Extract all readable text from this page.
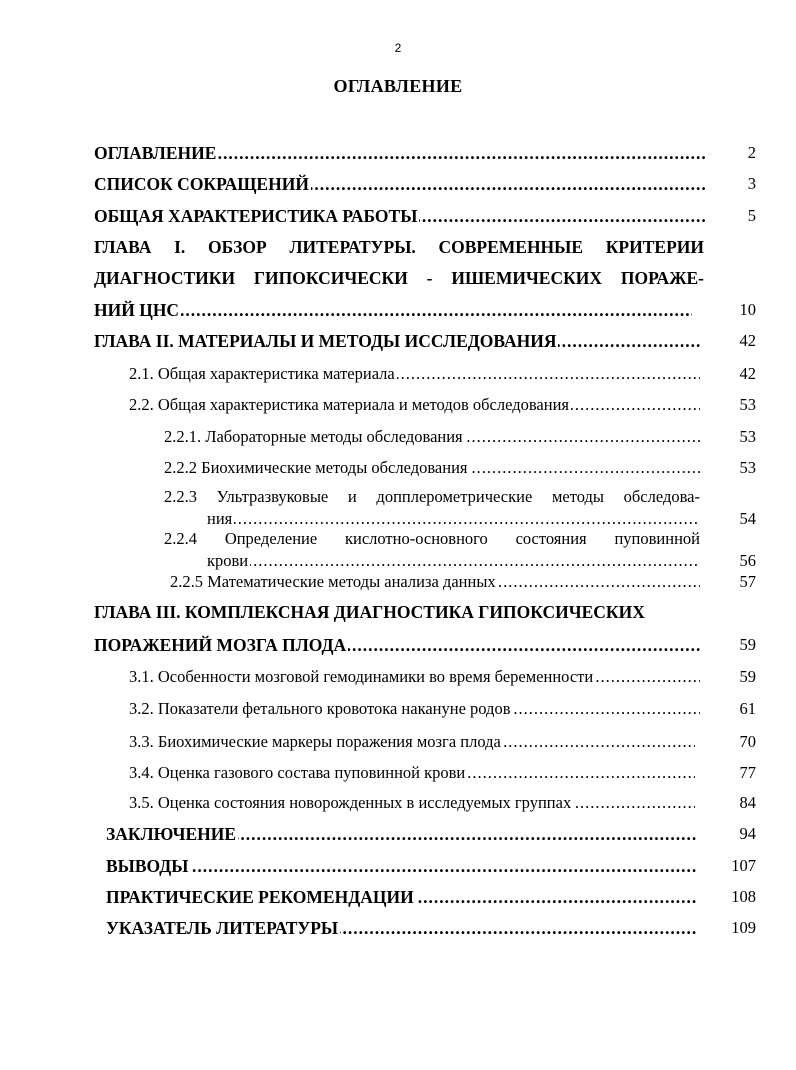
2
ОГЛАВЛЕНИЕ
.....
ОГЛАВЛЕНИЕ	2
.....
СПИСОК СОКРАЩЕНИЙ	3
.....
ОБЩАЯ ХАРАКТЕРИСТИКА РАБОТЫ	5
ГЛАВА I. ОБЗОР ЛИТЕРАТУРЫ. СОВРЕМЕННЫЕ КРИТЕРИИ
ДИАГНОСТИКИ ГИПОКСИЧЕСКИ - ИШЕМИЧЕСКИХ ПОРАЖЕ-
.....
НИЙ ЦНС	10
.....
ГЛАВА II. МАТЕРИАЛЫ И МЕТОДЫ ИССЛЕДОВАНИЯ	42
.....
2.1. Общая характеристика материала	42
.....
2.2. Общая характеристика материала и методов обследования	53
.....
2.2.1. Лабораторные методы обследования	53
.....
2.2.2 Биохимические методы обследования	53
2.2.3 Ультразвуковые и допплерометрические методы обследова-
.....
ния	54
2.2.4 Определение кислотно-основного состояния пуповинной
.....
крови	56
.....
2.2.5 Математические методы анализа данных	57
ГЛАВА III. КОМПЛЕКСНАЯ ДИАГНОСТИКА ГИПОКСИЧЕСКИХ
.....
ПОРАЖЕНИЙ МОЗГА ПЛОДА	59
.....
3.1. Особенности мозговой гемодинамики во время беременности	59
.....
3.2. Показатели фетального кровотока накануне родов	61
.....
3.3. Биохимические маркеры поражения мозга плода	70
.....
3.4. Оценка газового состава пуповинной крови	77
.....
3.5. Оценка состояния новорожденных в исследуемых группах	84
.....
ЗАКЛЮЧЕНИЕ	94
.....
ВЫВОДЫ	107
.....
ПРАКТИЧЕСКИЕ РЕКОМЕНДАЦИИ	108
.....
УКАЗАТЕЛЬ ЛИТЕРАТУРЫ	109
